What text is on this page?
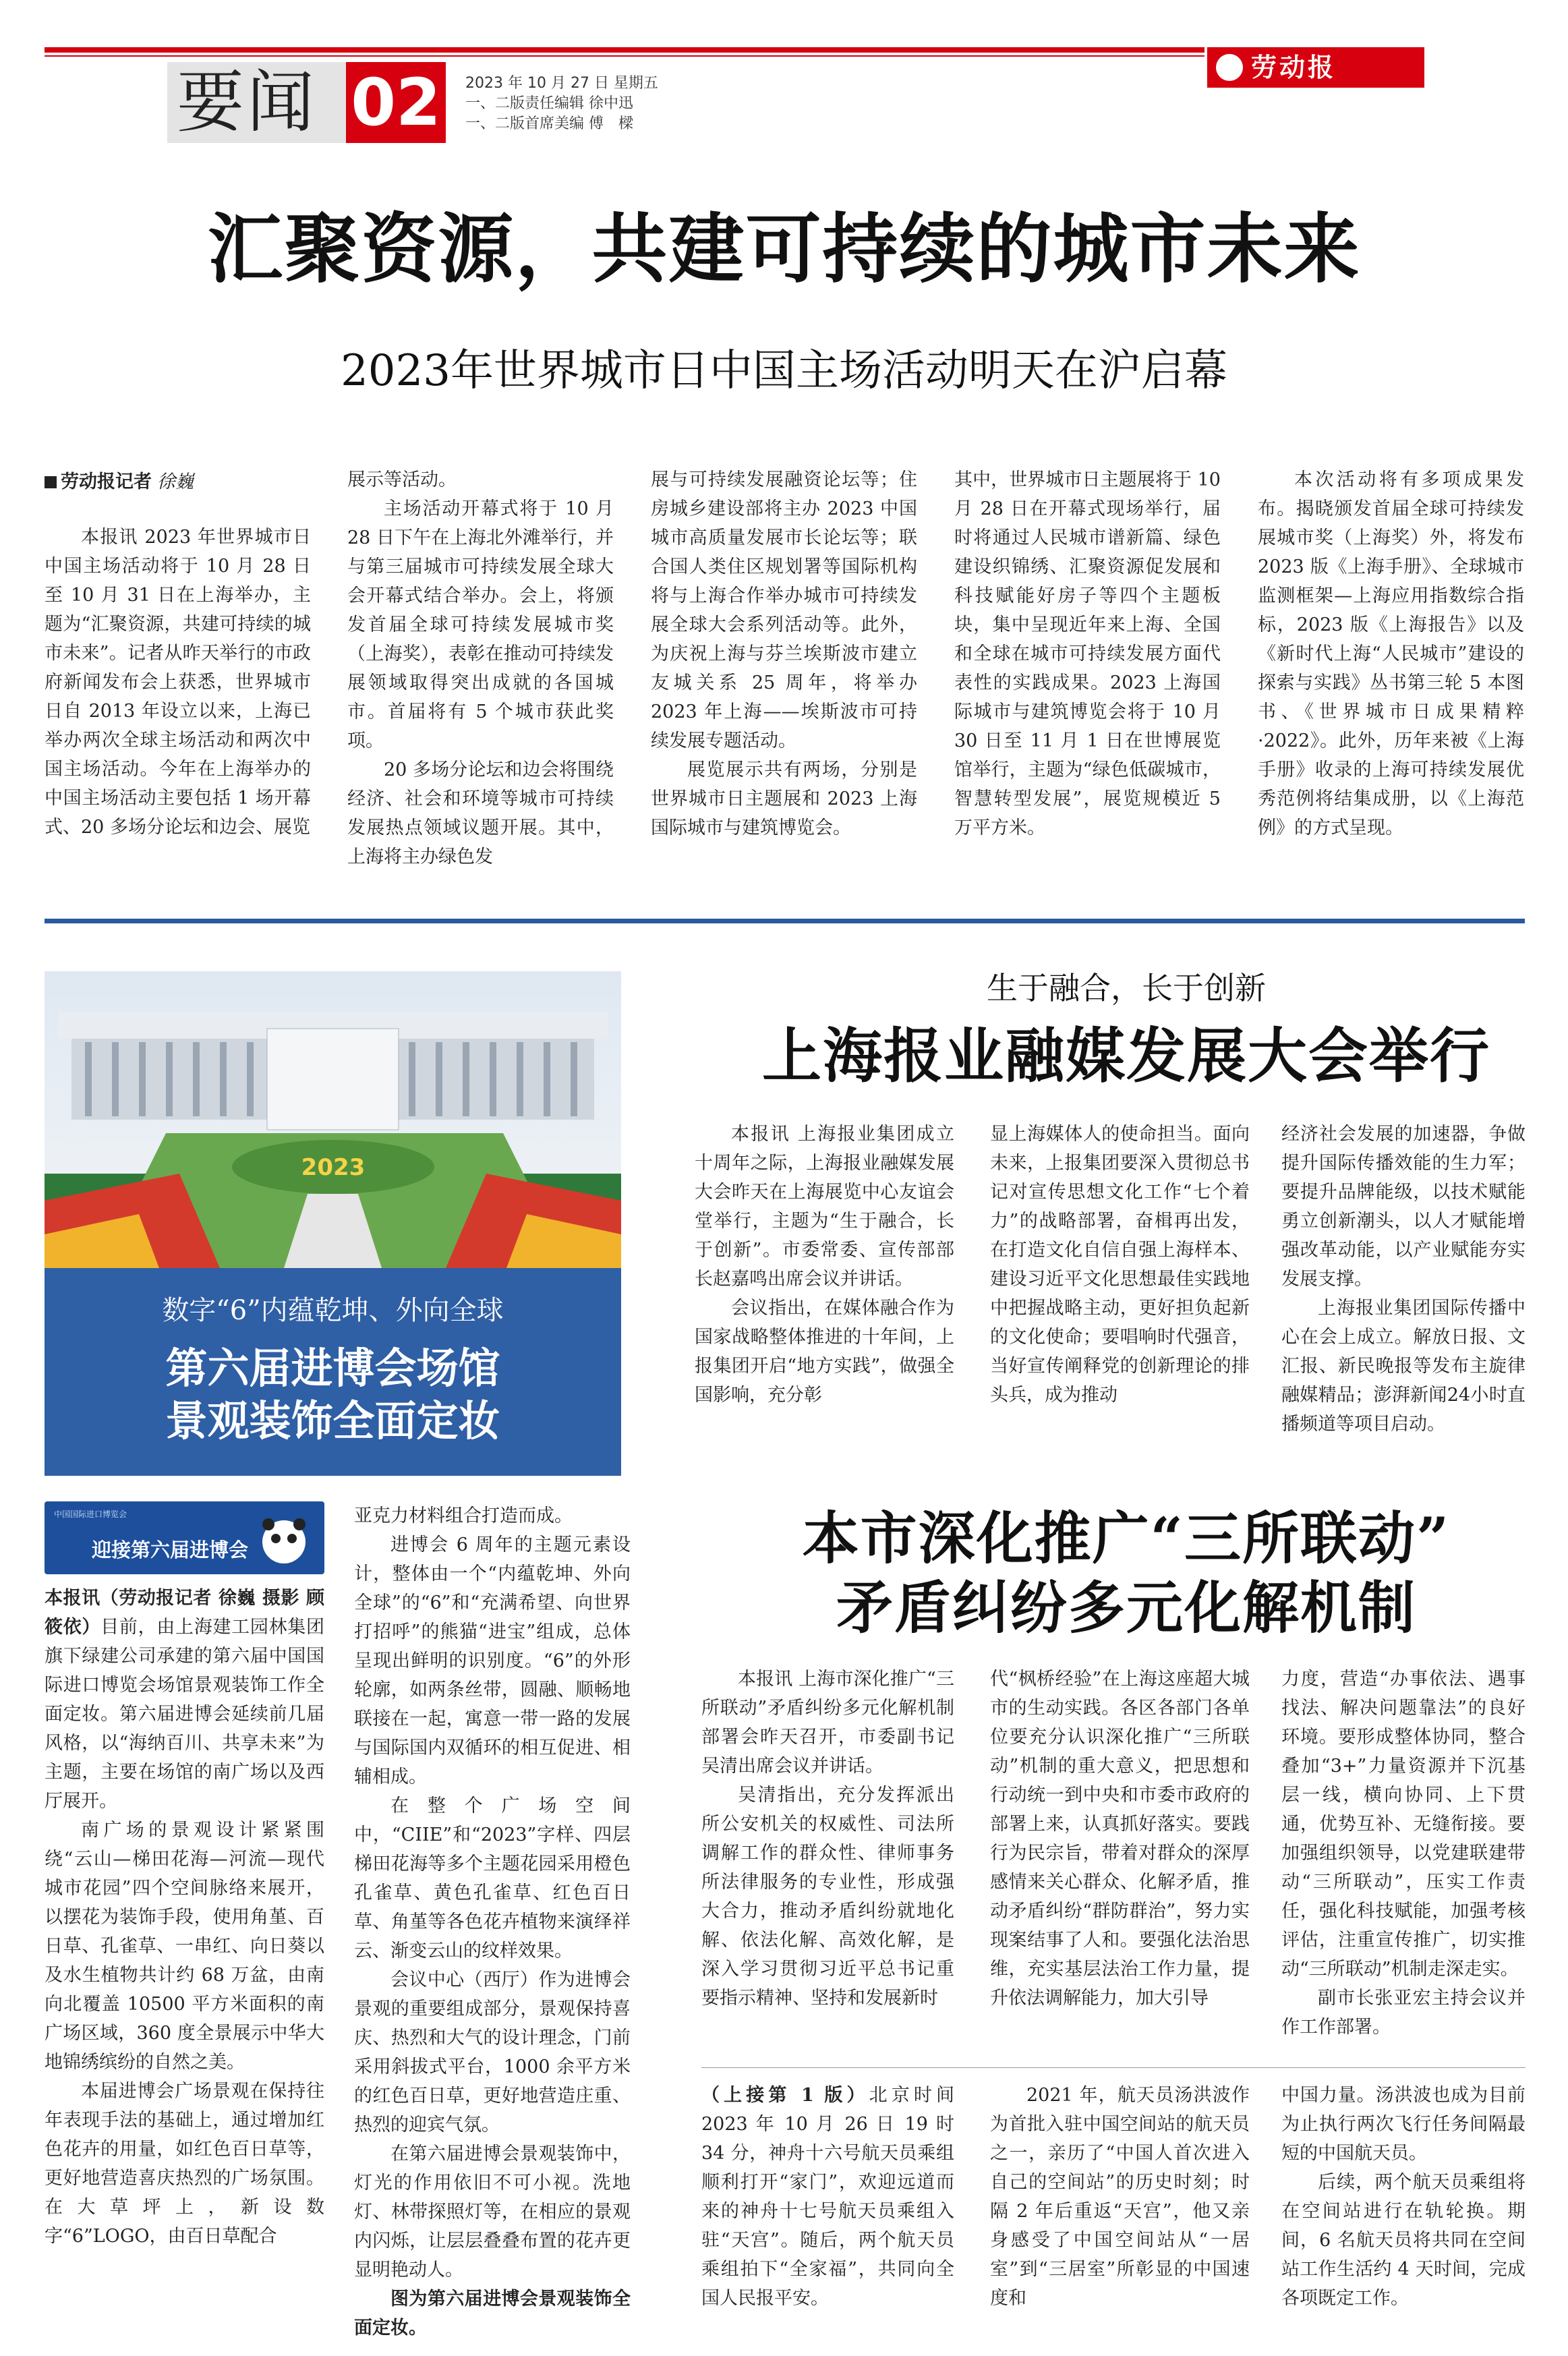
要闻 02	2023 年 10 月 27 日 星期五
一、二版责任编辑 徐中迅
一、二版首席美编 傅　樑
劳动报
汇聚资源，共建可持续的城市未来
2023年世界城市日中国主场活动明天在沪启幕
劳动报记者 徐巍

本报讯 2023 年世界城市日中国主场活动将于 10 月 28 日至 10 月 31 日在上海举办，主题为“汇聚资源，共建可持续的城市未来”。记者从昨天举行的市政府新闻发布会上获悉，世界城市日自 2013 年设立以来，上海已举办两次全球主场活动和两次中国主场活动。今年在上海举办的中国主场活动主要包括 1 场开幕式、20 多场分论坛和边会、展览

展示等活动。

主场活动开幕式将于 10 月 28 日下午在上海北外滩举行，并与第三届城市可持续发展全球大会开幕式结合举办。会上，将颁发首届全球可持续发展城市奖（上海奖），表彰在推动可持续发展领域取得突出成就的各国城市。首届将有 5 个城市获此奖项。

20 多场分论坛和边会将围绕经济、社会和环境等城市可持续发展热点领域议题开展。其中，上海将主办绿色发

展与可持续发展融资论坛等；住房城乡建设部将主办 2023 中国城市高质量发展市长论坛等；联合国人类住区规划署等国际机构将与上海合作举办城市可持续发展全球大会系列活动等。此外，为庆祝上海与芬兰埃斯波市建立友城关系 25 周年，将举办 2023 年上海——埃斯波市可持续发展专题活动。

展览展示共有两场，分别是世界城市日主题展和 2023 上海国际城市与建筑博览会。

其中，世界城市日主题展将于 10 月 28 日在开幕式现场举行，届时将通过人民城市谱新篇、绿色建设织锦绣、汇聚资源促发展和科技赋能好房子等四个主题板块，集中呈现近年来上海、全国和全球在城市可持续发展方面代表性的实践成果。2023 上海国际城市与建筑博览会将于 10 月 30 日至 11 月 1 日在世博展览馆举行，主题为“绿色低碳城市，智慧转型发展”，展览规模近 5 万平方米。

本次活动将有多项成果发布。揭晓颁发首届全球可持续发展城市奖（上海奖）外，将发布 2023 版《上海手册》、全球城市监测框架—上海应用指数综合指标，2023 版《上海报告》以及《新时代上海“人民城市”建设的探索与实践》丛书第三轮 5 本图书、《世界城市日成果精粹·2022》。此外，历年来被《上海手册》收录的上海可持续发展优秀范例将结集成册，以《上海范例》的方式呈现。

2023
数字“6”内蕴乾坤、外向全球
第六届进博会场馆
景观装饰全面定妆
中国国际进口博览会
迎接第六届进博会

本报讯（劳动报记者 徐巍 摄影 顾筱依）目前，由上海建工园林集团旗下绿建公司承建的第六届中国国际进口博览会场馆景观装饰工作全面定妆。第六届进博会延续前几届风格，以“海纳百川、共享未来”为主题，主要在场馆的南广场以及西厅展开。

南广场的景观设计紧紧围绕“云山—梯田花海—河流—现代城市花园”四个空间脉络来展开，以摆花为装饰手段，使用角堇、百日草、孔雀草、一串红、向日葵以及水生植物共计约 68 万盆，由南向北覆盖 10500 平方米面积的南广场区域，360 度全景展示中华大地锦绣缤纷的自然之美。

本届进博会广场景观在保持往年表现手法的基础上，通过增加红色花卉的用量，如红色百日草等，更好地营造喜庆热烈的广场氛围。在大草坪上，新设数字“6”LOGO，由百日草配合

亚克力材料组合打造而成。

进博会 6 周年的主题元素设计，整体由一个“内蕴乾坤、外向全球”的“6”和“充满希望、向世界打招呼”的熊猫“进宝”组成，总体呈现出鲜明的识别度。“6”的外形轮廓，如两条丝带，圆融、顺畅地联接在一起，寓意一带一路的发展与国际国内双循环的相互促进、相辅相成。

在整个广场空间中，“CIIE”和“2023”字样、四层梯田花海等多个主题花园采用橙色孔雀草、黄色孔雀草、红色百日草、角堇等各色花卉植物来演绎祥云、渐变云山的纹样效果。

会议中心（西厅）作为进博会景观的重要组成部分，景观保持喜庆、热烈和大气的设计理念，门前采用斜拔式平台，1000 余平方米的红色百日草，更好地营造庄重、热烈的迎宾气氛。

在第六届进博会景观装饰中，灯光的作用依旧不可小视。洗地灯、林带探照灯等，在相应的景观内闪烁，让层层叠叠布置的花卉更显明艳动人。

图为第六届进博会景观装饰全面定妆。

生于融合，长于创新
上海报业融媒发展大会举行

本报讯 上海报业集团成立十周年之际，上海报业融媒发展大会昨天在上海展览中心友谊会堂举行，主题为“生于融合，长于创新”。市委常委、宣传部部长赵嘉鸣出席会议并讲话。

会议指出，在媒体融合作为国家战略整体推进的十年间，上报集团开启“地方实践”，做强全国影响，充分彰

显上海媒体人的使命担当。面向未来，上报集团要深入贯彻总书记对宣传思想文化工作“七个着力”的战略部署，奋楫再出发，在打造文化自信自强上海样本、建设习近平文化思想最佳实践地中把握战略主动，更好担负起新的文化使命；要唱响时代强音，当好宣传阐释党的创新理论的排头兵，成为推动

经济社会发展的加速器，争做提升国际传播效能的生力军；要提升品牌能级，以技术赋能勇立创新潮头，以人才赋能增强改革动能，以产业赋能夯实发展支撑。

上海报业集团国际传播中心在会上成立。解放日报、文汇报、新民晚报等发布主旋律融媒精品；澎湃新闻24小时直播频道等项目启动。

本市深化推广“三所联动”
矛盾纠纷多元化解机制

本报讯 上海市深化推广“三所联动”矛盾纠纷多元化解机制部署会昨天召开，市委副书记吴清出席会议并讲话。

吴清指出，充分发挥派出所公安机关的权威性、司法所调解工作的群众性、律师事务所法律服务的专业性，形成强大合力，推动矛盾纠纷就地化解、依法化解、高效化解，是深入学习贯彻习近平总书记重要指示精神、坚持和发展新时

代“枫桥经验”在上海这座超大城市的生动实践。各区各部门各单位要充分认识深化推广“三所联动”机制的重大意义，把思想和行动统一到中央和市委市政府的部署上来，认真抓好落实。要践行为民宗旨，带着对群众的深厚感情来关心群众、化解矛盾，推动矛盾纠纷“群防群治”，努力实现案结事了人和。要强化法治思维，充实基层法治工作力量，提升依法调解能力，加大引导

力度，营造“办事依法、遇事找法、解决问题靠法”的良好环境。要形成整体协同，整合叠加“3+”力量资源并下沉基层一线，横向协同、上下贯通，优势互补、无缝衔接。要加强组织领导，以党建联建带动“三所联动”，压实工作责任，强化科技赋能，加强考核评估，注重宣传推广，切实推动“三所联动”机制走深走实。

副市长张亚宏主持会议并作工作部署。

（上接第 1 版）北京时间 2023 年 10 月 26 日 19 时 34 分，神舟十六号航天员乘组顺利打开“家门”，欢迎远道而来的神舟十七号航天员乘组入驻“天宫”。随后，两个航天员乘组拍下“全家福”，共同向全国人民报平安。

2021 年，航天员汤洪波作为首批入驻中国空间站的航天员之一，亲历了“中国人首次进入自己的空间站”的历史时刻；时隔 2 年后重返“天宫”，他又亲身感受了中国空间站从“一居室”到“三居室”所彰显的中国速度和

中国力量。汤洪波也成为目前为止执行两次飞行任务间隔最短的中国航天员。

后续，两个航天员乘组将在空间站进行在轨轮换。期间，6 名航天员将共同在空间站工作生活约 4 天时间，完成各项既定工作。
